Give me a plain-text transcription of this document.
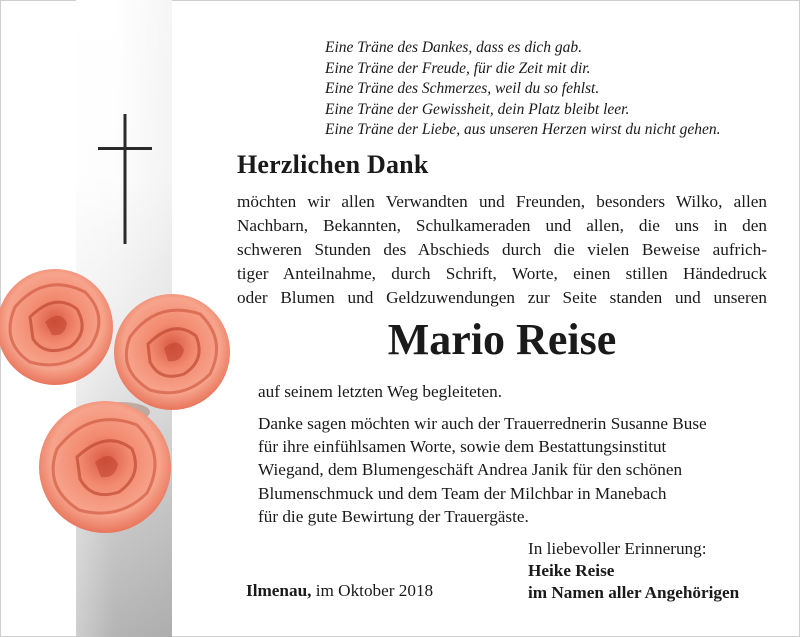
Eine Träne des Dankes, dass es dich gab.
Eine Träne der Freude, für die Zeit mit dir.
Eine Träne des Schmerzes, weil du so fehlst.
Eine Träne der Gewissheit, dein Platz bleibt leer.
Eine Träne der Liebe, aus unseren Herzen wirst du nicht gehen.
Herzlichen Dank
möchten wir allen Verwandten und Freunden, besonders Wilko, allen
Nachbarn, Bekannten, Schulkameraden und allen, die uns in den
schweren Stunden des Abschieds durch die vielen Beweise aufrich-
tiger Anteilnahme, durch Schrift, Worte, einen stillen Händedruck
oder Blumen und Geldzuwendungen zur Seite standen und unseren
Mario Reise
auf seinem letzten Weg begleiteten.
Danke sagen möchten wir auch der Trauerrednerin Susanne Buse
für ihre einfühlsamen Worte, sowie dem Bestattungsinstitut
Wiegand, dem Blumengeschäft Andrea Janik für den schönen
Blumenschmuck und dem Team der Milchbar in Manebach
für die gute Bewirtung der Trauergäste.
In liebevoller Erinnerung:
Heike Reise
im Namen aller Angehörigen
Ilmenau, im Oktober 2018
